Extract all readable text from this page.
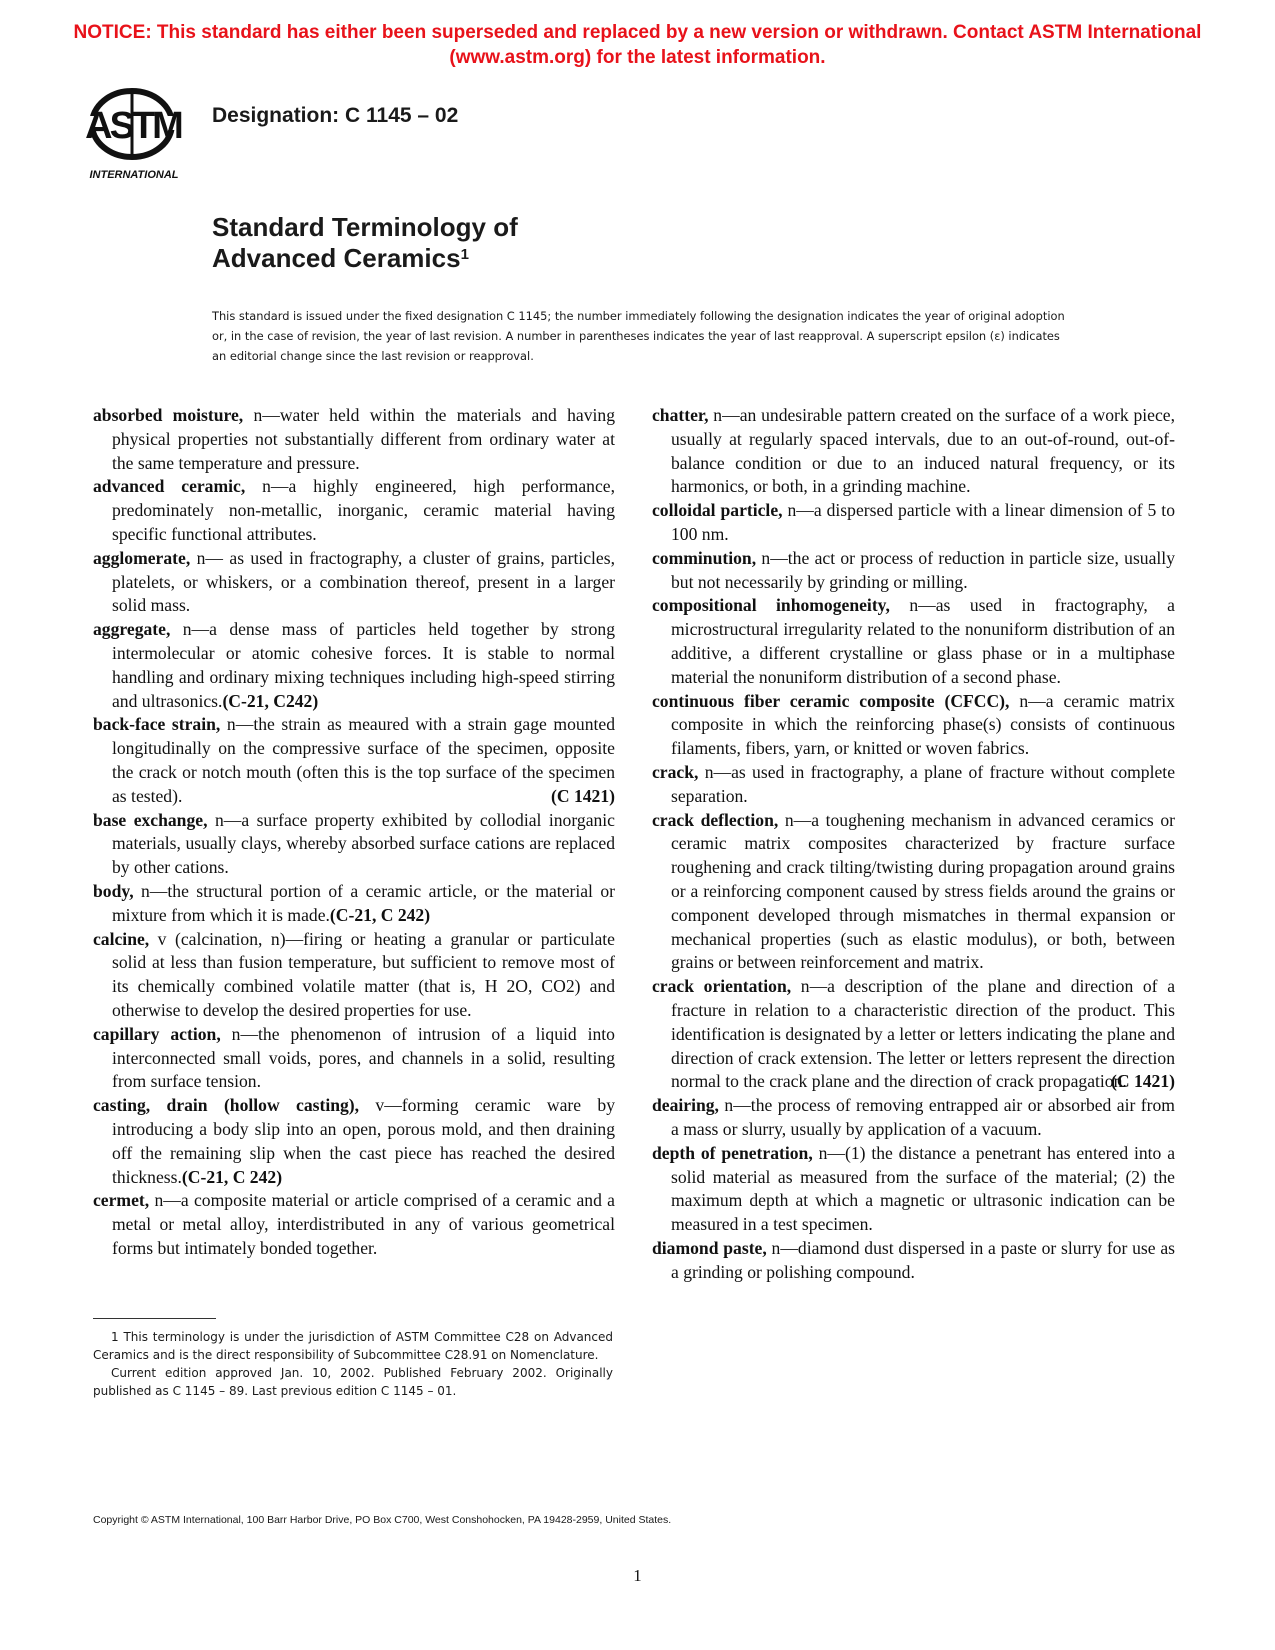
NOTICE: This standard has either been superseded and replaced by a new version or withdrawn. Contact ASTM International (www.astm.org) for the latest information.
ASTM
INTERNATIONAL
Designation: C 1145 – 02
Standard Terminology of
Advanced Ceramics$^1$
This standard is issued under the fixed designation C 1145; the number immediately following the designation indicates the year of original adoption or, in the case of revision, the year of last revision. A number in parentheses indicates the year of last reapproval. A superscript epsilon (ε) indicates an editorial change since the last revision or reapproval.

absorbed moisture, n—water held within the materials and having physical properties not substantially different from ordinary water at the same temperature and pressure.

advanced ceramic, n—a highly engineered, high performance, predominately non-metallic, inorganic, ceramic material having specific functional attributes.

agglomerate, n— as used in fractography, a cluster of grains, particles, platelets, or whiskers, or a combination thereof, present in a larger solid mass.

aggregate, n—a dense mass of particles held together by strong intermolecular or atomic cohesive forces. It is stable to normal handling and ordinary mixing techniques including high-speed stirring and ultrasonics.(C-21, C242)

back-face strain, n—the strain as meaured with a strain gage mounted longitudinally on the compressive surface of the specimen, opposite the crack or notch mouth (often this is the top surface of the specimen as tested).	(C 1421)

base exchange, n—a surface property exhibited by collodial inorganic materials, usually clays, whereby absorbed surface cations are replaced by other cations.

body, n—the structural portion of a ceramic article, or the material or mixture from which it is made.(C-21, C 242)

calcine, v (calcination, n)—firing or heating a granular or particulate solid at less than fusion temperature, but sufficient to remove most of its chemically combined volatile matter (that is, H 2O, CO2) and otherwise to develop the desired properties for use.

capillary action, n—the phenomenon of intrusion of a liquid into interconnected small voids, pores, and channels in a solid, resulting from surface tension.

casting, drain (hollow casting), v—forming ceramic ware by introducing a body slip into an open, porous mold, and then draining off the remaining slip when the cast piece has reached the desired thickness.(C-21, C 242)

cermet, n—a composite material or article comprised of a ceramic and a metal or metal alloy, interdistributed in any of various geometrical forms but intimately bonded together.

chatter, n—an undesirable pattern created on the surface of a work piece, usually at regularly spaced intervals, due to an out-of-round, out-of-balance condition or due to an induced natural frequency, or its harmonics, or both, in a grinding machine.

colloidal particle, n—a dispersed particle with a linear dimension of 5 to 100 nm.

comminution, n—the act or process of reduction in particle size, usually but not necessarily by grinding or milling.

compositional inhomogeneity, n—as used in fractography, a microstructural irregularity related to the nonuniform distribution of an additive, a different crystalline or glass phase or in a multiphase material the nonuniform distribution of a second phase.

continuous fiber ceramic composite (CFCC), n—a ceramic matrix composite in which the reinforcing phase(s) consists of continuous filaments, fibers, yarn, or knitted or woven fabrics.

crack, n—as used in fractography, a plane of fracture without complete separation.

crack deflection, n—a toughening mechanism in advanced ceramics or ceramic matrix composites characterized by fracture surface roughening and crack tilting/twisting during propagation around grains or a reinforcing component caused by stress fields around the grains or component developed through mismatches in thermal expansion or mechanical properties (such as elastic modulus), or both, between grains or between reinforcement and matrix.

crack orientation, n—a description of the plane and direction of a fracture in relation to a characteristic direction of the product. This identification is designated by a letter or letters indicating the plane and direction of crack extension. The letter or letters represent the direction normal to the crack plane and the direction of crack propagation.
(C 1421)

deairing, n—the process of removing entrapped air or absorbed air from a mass or slurry, usually by application of a vacuum.

depth of penetration, n—(1) the distance a penetrant has entered into a solid material as measured from the surface of the material; (2) the maximum depth at which a magnetic or ultrasonic indication can be measured in a test specimen.

diamond paste, n—diamond dust dispersed in a paste or slurry for use as a grinding or polishing compound.

1 This terminology is under the jurisdiction of ASTM Committee C28 on Advanced Ceramics and is the direct responsibility of Subcommittee C28.91 on Nomenclature.

Current edition approved Jan. 10, 2002. Published February 2002. Originally published as C 1145 – 89. Last previous edition C 1145 – 01.

Copyright © ASTM International, 100 Barr Harbor Drive, PO Box C700, West Conshohocken, PA 19428-2959, United States.
1
